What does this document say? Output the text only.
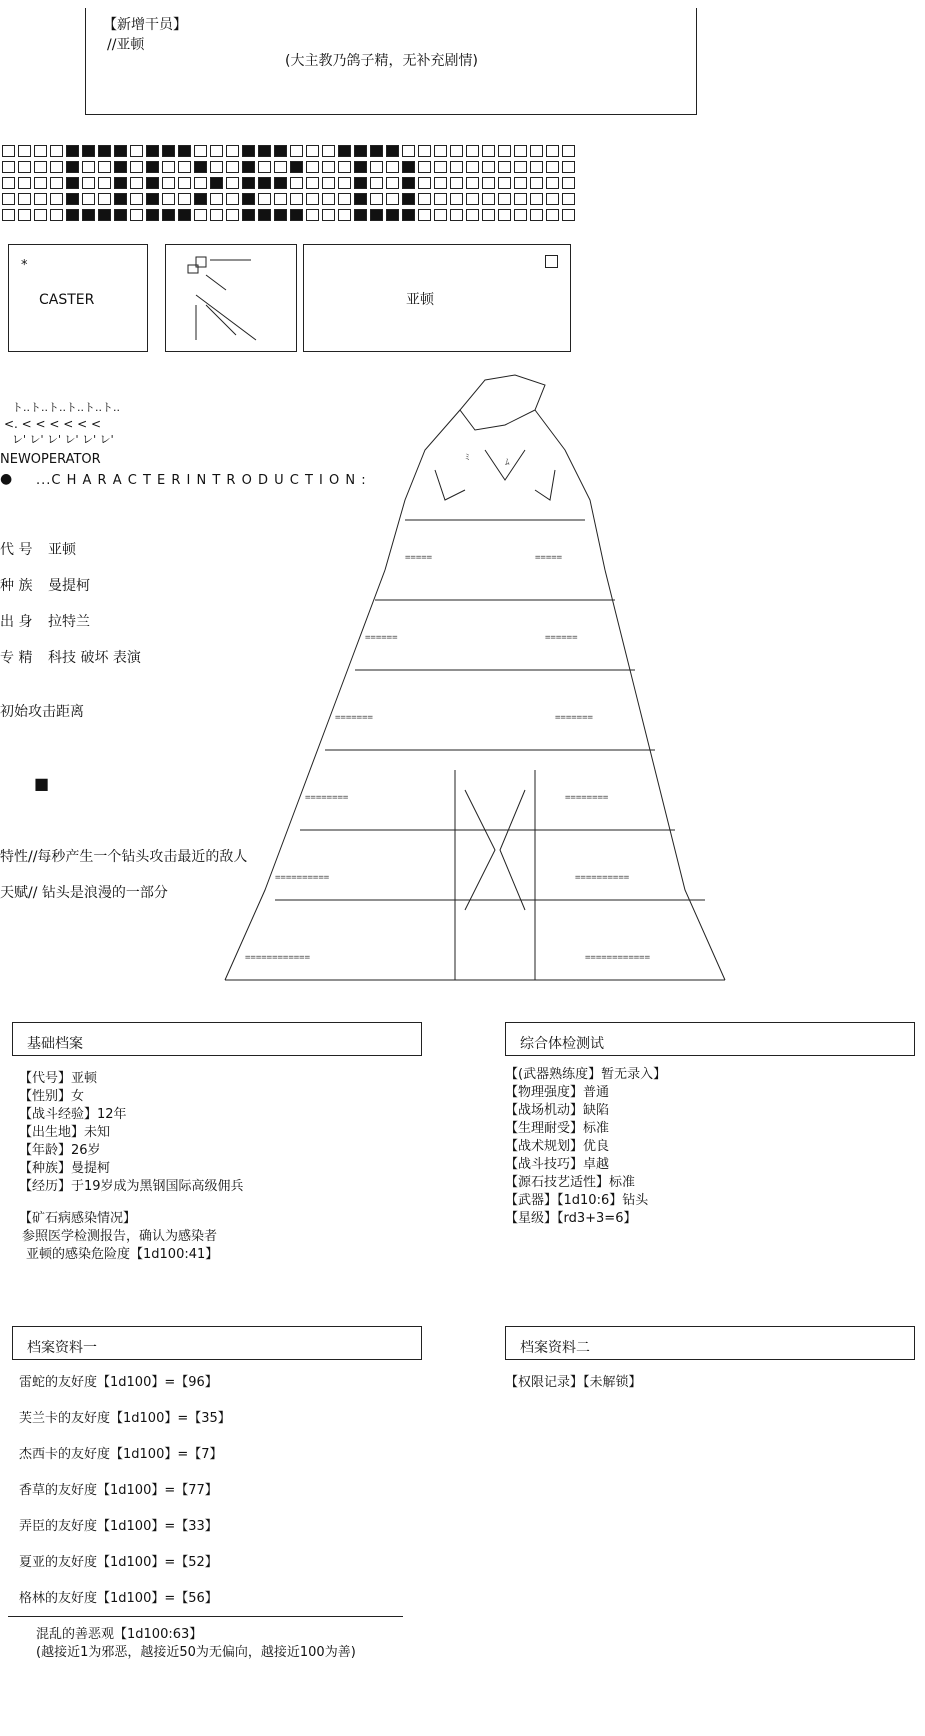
【新增干员】
//亚顿
(大主教乃鸽子精，无补充剧情)
*
CASTER	亚顿
ト..ト..ト..ト..ト..ト..
<. < < < < < <
レ' レ' レ' レ' レ' レ'
NEWOPERATOR
● ...C H A R A C T E R I N T R O D U C T I O N :
代 号 亚顿
种 族 曼提柯
出 身 拉特兰
专 精 科技 破坏 表演
初始攻击距离
■
特性//每秒产生一个钻头攻击最近的敌人
天赋// 钻头是浪漫的一部分
ﾐ	ﾑ
=====	=====
======	======
=======	=======
========	========
==========	==========
============	============
基础档案	综合体检测试
【代号】亚顿
【性别】女
【战斗经验】12年
【出生地】未知
【年龄】26岁
【种族】曼提柯
【经历】于19岁成为黑钢国际高级佣兵
【矿石病感染情况】
参照医学检测报告，确认为感染者
亚顿的感染危险度【1d100:41】
【(武器熟练度】暂无录入】
【物理强度】普通
【战场机动】缺陷
【生理耐受】标准
【战术规划】优良
【战斗技巧】卓越
【源石技艺适性】标准
【武器】【1d10:6】钻头
【星级】【rd3+3=6】
档案资料一	档案资料二
雷蛇的友好度【1d100】=【96】
芙兰卡的友好度【1d100】=【35】
杰西卡的友好度【1d100】=【7】
香草的友好度【1d100】=【77】
弄臣的友好度【1d100】=【33】
夏亚的友好度【1d100】=【52】
格林的友好度【1d100】=【56】
混乱的善恶观【1d100:63】
(越接近1为邪恶，越接近50为无偏向，越接近100为善)
【权限记录】【未解锁】
